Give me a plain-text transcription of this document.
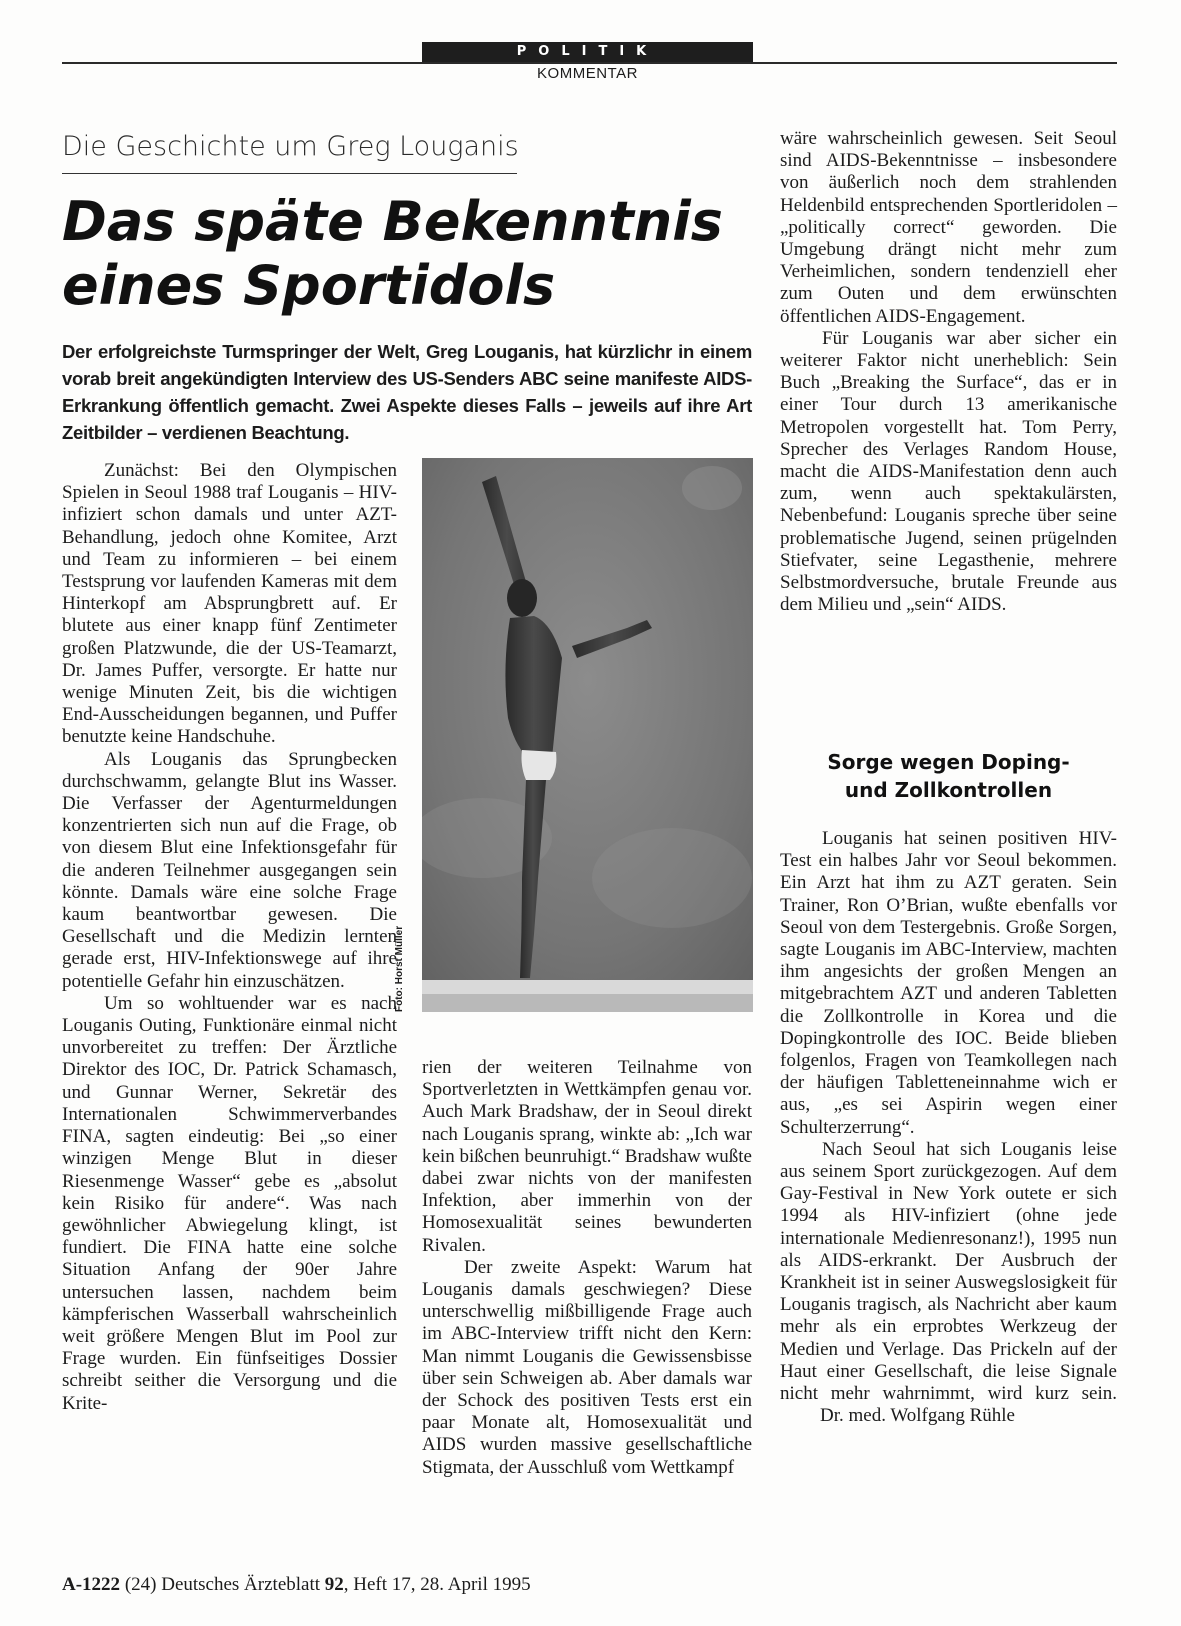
POLITIK
KOMMENTAR
Die Geschichte um Greg Louganis
Das späte Bekenntnis
eines Sportidols
Der erfolgreichste Turmspringer der Welt, Greg Louganis, hat kürzlichr in einem vorab breit angekündigten Interview des US-Senders ABC seine manifeste AIDS-Erkrankung öffentlich gemacht. Zwei Aspekte dieses Falls – jeweils auf ihre Art Zeitbilder – verdienen Beachtung.

Zunächst: Bei den Olympischen Spielen in Seoul 1988 traf Louganis – HIV-infiziert schon damals und unter AZT-Behandlung, jedoch ohne Komitee, Arzt und Team zu informieren – bei einem Testsprung vor laufenden Kameras mit dem Hinterkopf am Absprungbrett auf. Er blutete aus einer knapp fünf Zentimeter großen Platzwunde, die der US-Teamarzt, Dr. James Puffer, versorgte. Er hatte nur wenige Minuten Zeit, bis die wichtigen End-Ausscheidungen begannen, und Puffer benutzte keine Handschuhe.

Als Louganis das Sprungbecken durchschwamm, gelangte Blut ins Wasser. Die Verfasser der Agenturmeldungen konzentrierten sich nun auf die Frage, ob von diesem Blut eine Infektionsgefahr für die anderen Teilnehmer ausgegangen sein könnte. Damals wäre eine solche Frage kaum beantwortbar gewesen. Die Gesellschaft und die Medizin lernten gerade erst, HIV-Infektionswege auf ihre potentielle Gefahr hin einzuschätzen.

Um so wohltuender war es nach Louganis Outing, Funktionäre einmal nicht unvorbereitet zu treffen: Der Ärztliche Direktor des IOC, Dr. Patrick Schamasch, und Gunnar Werner, Sekretär des Internationalen Schwimmerverbandes FINA, sagten eindeutig: Bei „so einer winzigen Menge Blut in dieser Riesenmenge Wasser“ gebe es „absolut kein Risiko für andere“. Was nach gewöhnlicher Abwiegelung klingt, ist fundiert. Die FINA hatte eine solche Situation Anfang der 90er Jahre untersuchen lassen, nachdem beim kämpferischen Wasserball wahrscheinlich weit größere Mengen Blut im Pool zur Frage wurden. Ein fünfseitiges Dossier schreibt seither die Versorgung und die Krite-

Foto: Horst Müller

rien der weiteren Teilnahme von Sportverletzten in Wettkämpfen genau vor. Auch Mark Bradshaw, der in Seoul direkt nach Louganis sprang, winkte ab: „Ich war kein bißchen beunruhigt.“ Bradshaw wußte dabei zwar nichts von der manifesten Infektion, aber immerhin von der Homosexualität seines bewunderten Rivalen.

Der zweite Aspekt: Warum hat Louganis damals geschwiegen? Diese unterschwellig mißbilligende Frage auch im ABC-Interview trifft nicht den Kern: Man nimmt Louganis die Gewissensbisse über sein Schweigen ab. Aber damals war der Schock des positiven Tests erst ein paar Monate alt, Homosexualität und AIDS wurden massive gesellschaftliche Stigmata, der Ausschluß vom Wettkampf

wäre wahrscheinlich gewesen. Seit Seoul sind AIDS-Bekenntnisse – insbesondere von äußerlich noch dem strahlenden Heldenbild entsprechenden Sportleridolen – „politically correct“ geworden. Die Umgebung drängt nicht mehr zum Verheimlichen, sondern tendenziell eher zum Outen und dem erwünschten öffentlichen AIDS-Engagement.

Für Louganis war aber sicher ein weiterer Faktor nicht unerheblich: Sein Buch „Breaking the Surface“, das er in einer Tour durch 13 amerikanische Metropolen vorgestellt hat. Tom Perry, Sprecher des Verlages Random House, macht die AIDS-Manifestation denn auch zum, wenn auch spektakulärsten, Nebenbefund: Louganis spreche über seine problematische Jugend, seinen prügelnden Stiefvater, seine Legasthenie, mehrere Selbstmordversuche, brutale Freunde aus dem Milieu und „sein“ AIDS.

Sorge wegen Doping-
und Zollkontrollen

Louganis hat seinen positiven HIV-Test ein halbes Jahr vor Seoul bekommen. Ein Arzt hat ihm zu AZT geraten. Sein Trainer, Ron O’Brian, wußte ebenfalls vor Seoul von dem Testergebnis. Große Sorgen, sagte Louganis im ABC-Interview, machten ihm angesichts der großen Mengen an mitgebrachtem AZT und anderen Tabletten die Zollkontrolle in Korea und die Dopingkontrolle des IOC. Beide blieben folgenlos, Fragen von Teamkollegen nach der häufigen Tabletteneinnahme wich er aus, „es sei Aspirin wegen einer Schulterzerrung“.

Nach Seoul hat sich Louganis leise aus seinem Sport zurückgezogen. Auf dem Gay-Festival in New York outete er sich 1994 als HIV-infiziert (ohne jede internationale Medienresonanz!), 1995 nun als AIDS-erkrankt. Der Ausbruch der Krankheit ist in seiner Auswegslosigkeit für Louganis tragisch, als Nachricht aber kaum mehr als ein erprobtes Werkzeug der Medien und Verlage. Das Prickeln auf der Haut einer Gesellschaft, die leise Signale nicht mehr wahrnimmt, wird kurz sein.Dr. med. Wolfgang Rühle

A-1222 (24) Deutsches Ärzteblatt 92, Heft 17, 28. April 1995
